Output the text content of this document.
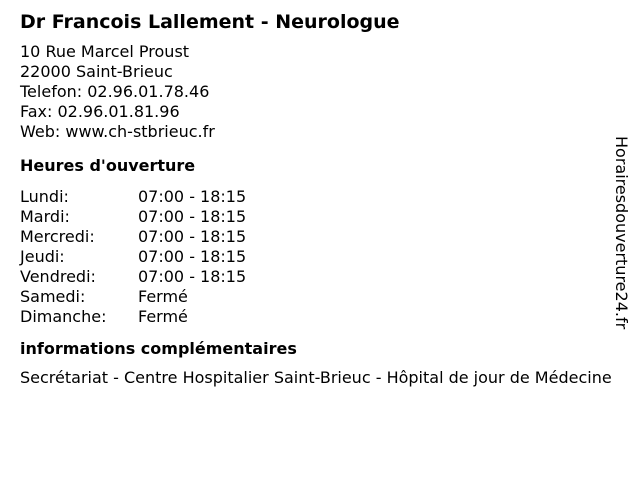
Dr Francois Lallement - Neurologue
10 Rue Marcel Proust
22000 Saint-Brieuc
Telefon: 02.96.01.78.46
Fax: 02.96.01.81.96
Web: www.ch-stbrieuc.fr
Heures d'ouverture
Lundi:	07:00 - 18:15
Mardi:	07:00 - 18:15
Mercredi:	07:00 - 18:15
Jeudi:	07:00 - 18:15
Vendredi:	07:00 - 18:15
Samedi:	Fermé
Dimanche:	Fermé
informations complémentaires
Secrétariat - Centre Hospitalier Saint-Brieuc - Hôpital de jour de Médecine
Horairesdouverture24.fr
